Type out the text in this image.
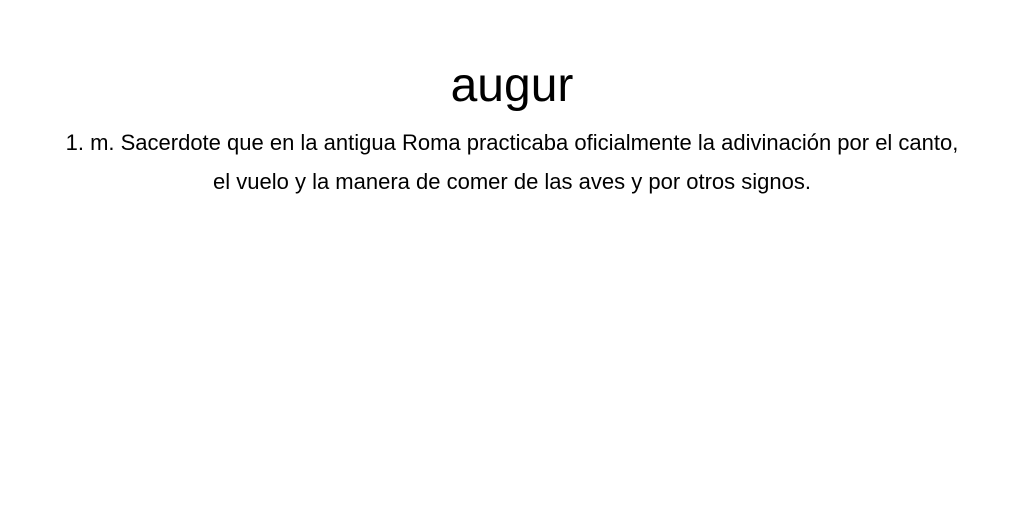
augur

1. m. Sacerdote que en la antigua Roma practicaba oficialmente la adivinación por el canto, el vuelo y la manera de comer de las aves y por otros signos.
